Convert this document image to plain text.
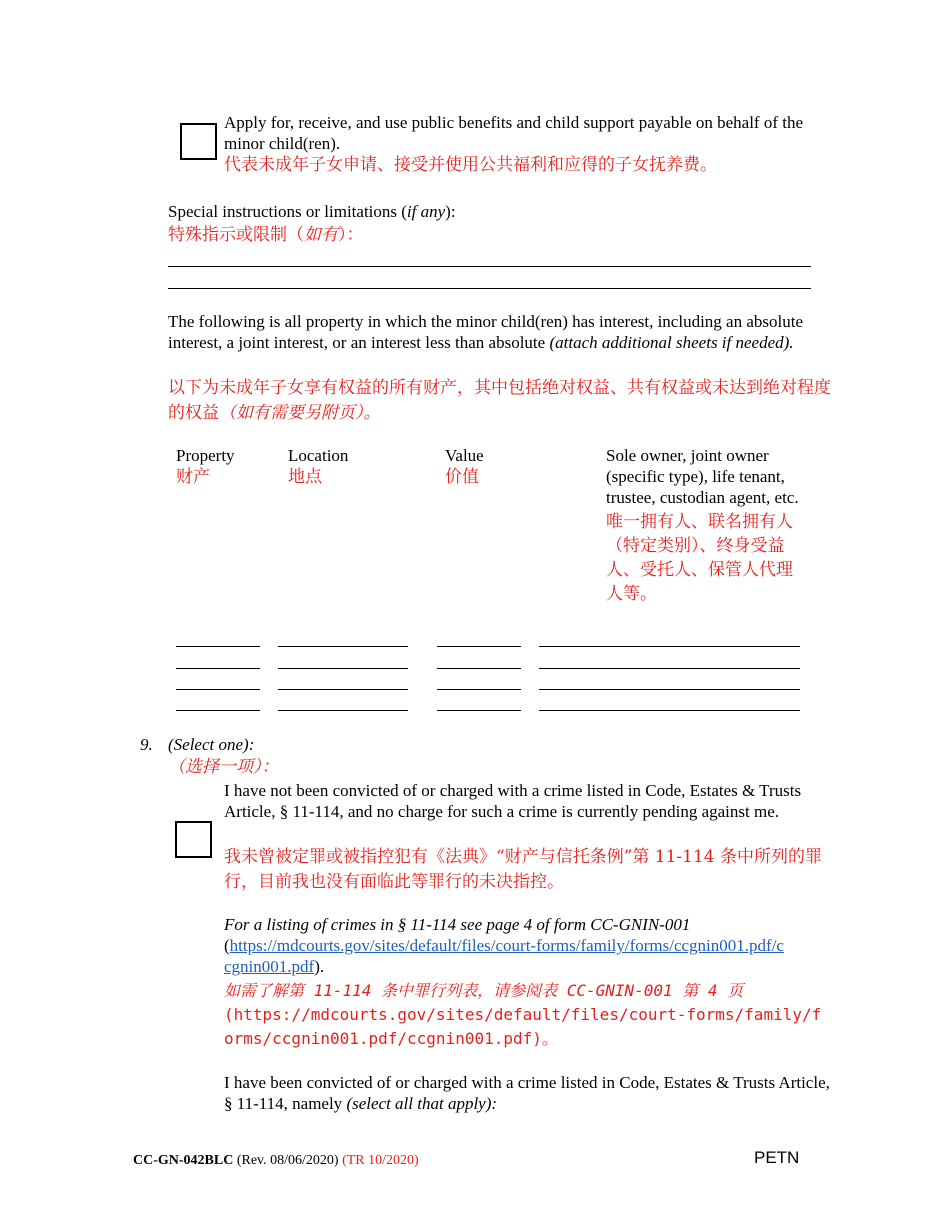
Apply for, receive, and use public benefits and child support payable on behalf of the minor child(ren).
代表未成年子女申请、接受并使用公共福利和应得的子女抚养费。
Special instructions or limitations (if any):
特殊指示或限制（如有）：
The following is all property in which the minor child(ren) has interest, including an absolute interest, a joint interest, or an interest less than absolute (attach additional sheets if needed).
以下为未成年子女享有权益的所有财产，其中包括绝对权益、共有权益或未达到绝对程度的权益（如有需要另附页）。
Property
财产
Location
地点
Value
价值
Sole owner, joint owner (specific type), life tenant, trustee, custodian agent, etc.
唯一拥有人、联名拥有人（特定类别）、终身受益人、受托人、保管人代理人等。
9. (Select one):
（选择一项）：
I have not been convicted of or charged with a crime listed in Code, Estates & Trusts Article, § 11-114, and no charge for such a crime is currently pending against me.
我未曾被定罪或被指控犯有《法典》“财产与信托条例”第 11-114 条中所列的罪行，目前我也没有面临此等罪行的未决指控。
For a listing of crimes in § 11-114 see page 4 of form CC-GNIN-001
(https://mdcourts.gov/sites/default/files/court-forms/family/forms/ccgnin001.pdf/ccgnin001.pdf).
如需了解第 11-114 条中罪行列表，请参阅表 CC-GNIN-001 第 4 页
(https://mdcourts.gov/sites/default/files/court-forms/family/forms/ccgnin001.pdf/ccgnin001.pdf)。
I have been convicted of or charged with a crime listed in Code, Estates & Trusts Article, § 11-114, namely (select all that apply):
CC-GN-042BLC (Rev. 08/06/2020) (TR 10/2020)	PETN
